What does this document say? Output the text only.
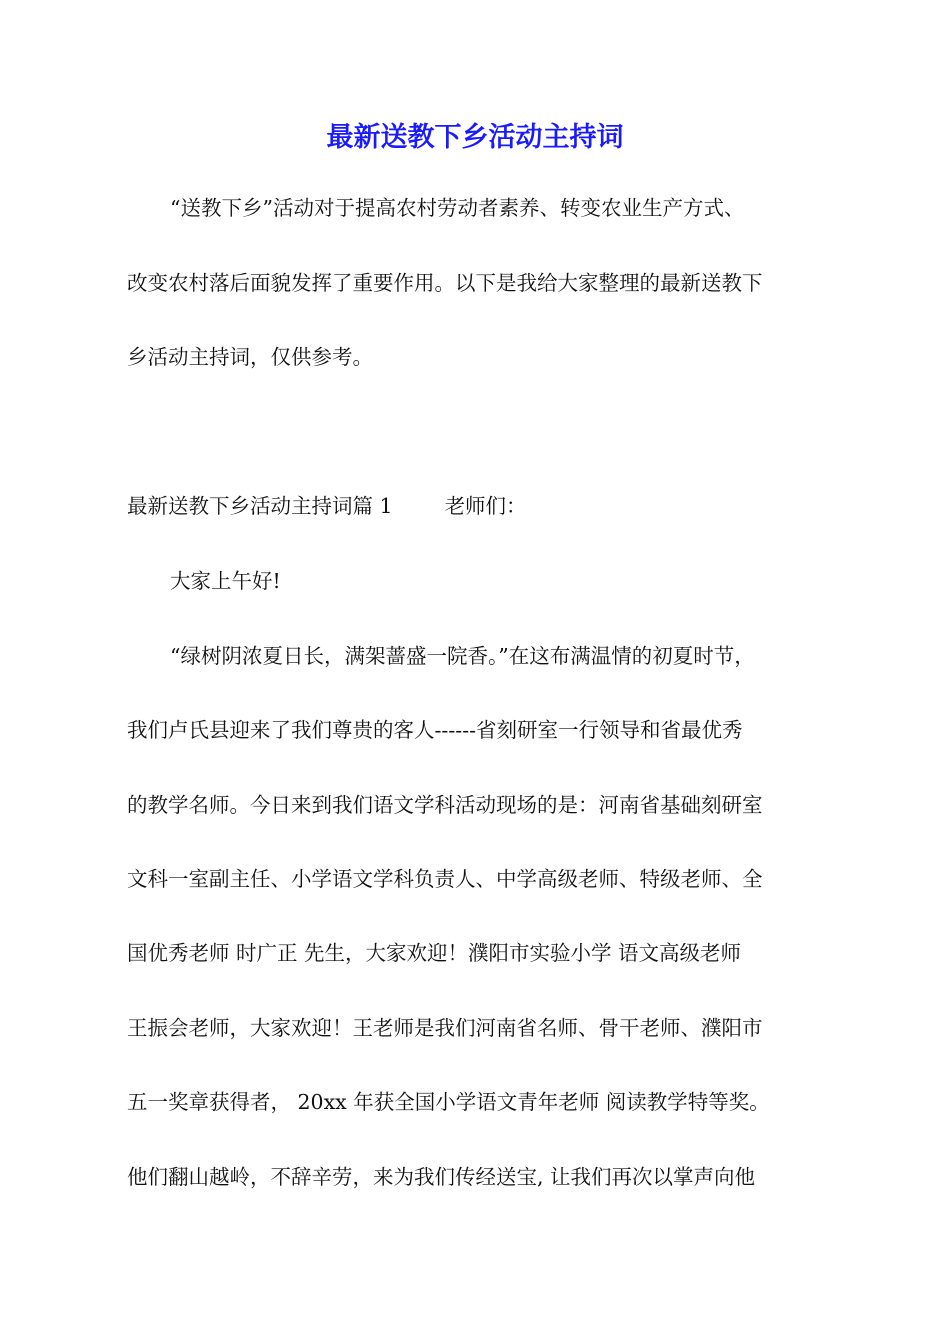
最新送教下乡活动主持词
“送教下乡”活动对于提高农村劳动者素养、转变农业生产方式、
改变农村落后面貌发挥了重要作用。以下是我给大家整理的最新送教下
乡活动主持词，仅供参考。
最新送教下乡活动主持词篇 1	老师们：
大家上午好!
“绿树阴浓夏日长，满架蔷盛一院香。”在这布满温情的初夏时节，
我们卢氏县迎来了我们尊贵的客人------省刻研室一行领导和省最优秀
的教学名师。今日来到我们语文学科活动现场的是：河南省基础刻研室
文科一室副主任、小学语文学科负责人、中学高级老师、特级老师、全
国优秀老师 时广正 先生，大家欢迎！濮阳市实验小学 语文高级老师
王振会老师，大家欢迎！王老师是我们河南省名师、骨干老师、濮阳市
五一奖章获得者， 20xx 年获全国小学语文青年老师 阅读教学特等奖。
他们翻山越岭，不辞辛劳，来为我们传经送宝, 让我们再次以掌声向他
